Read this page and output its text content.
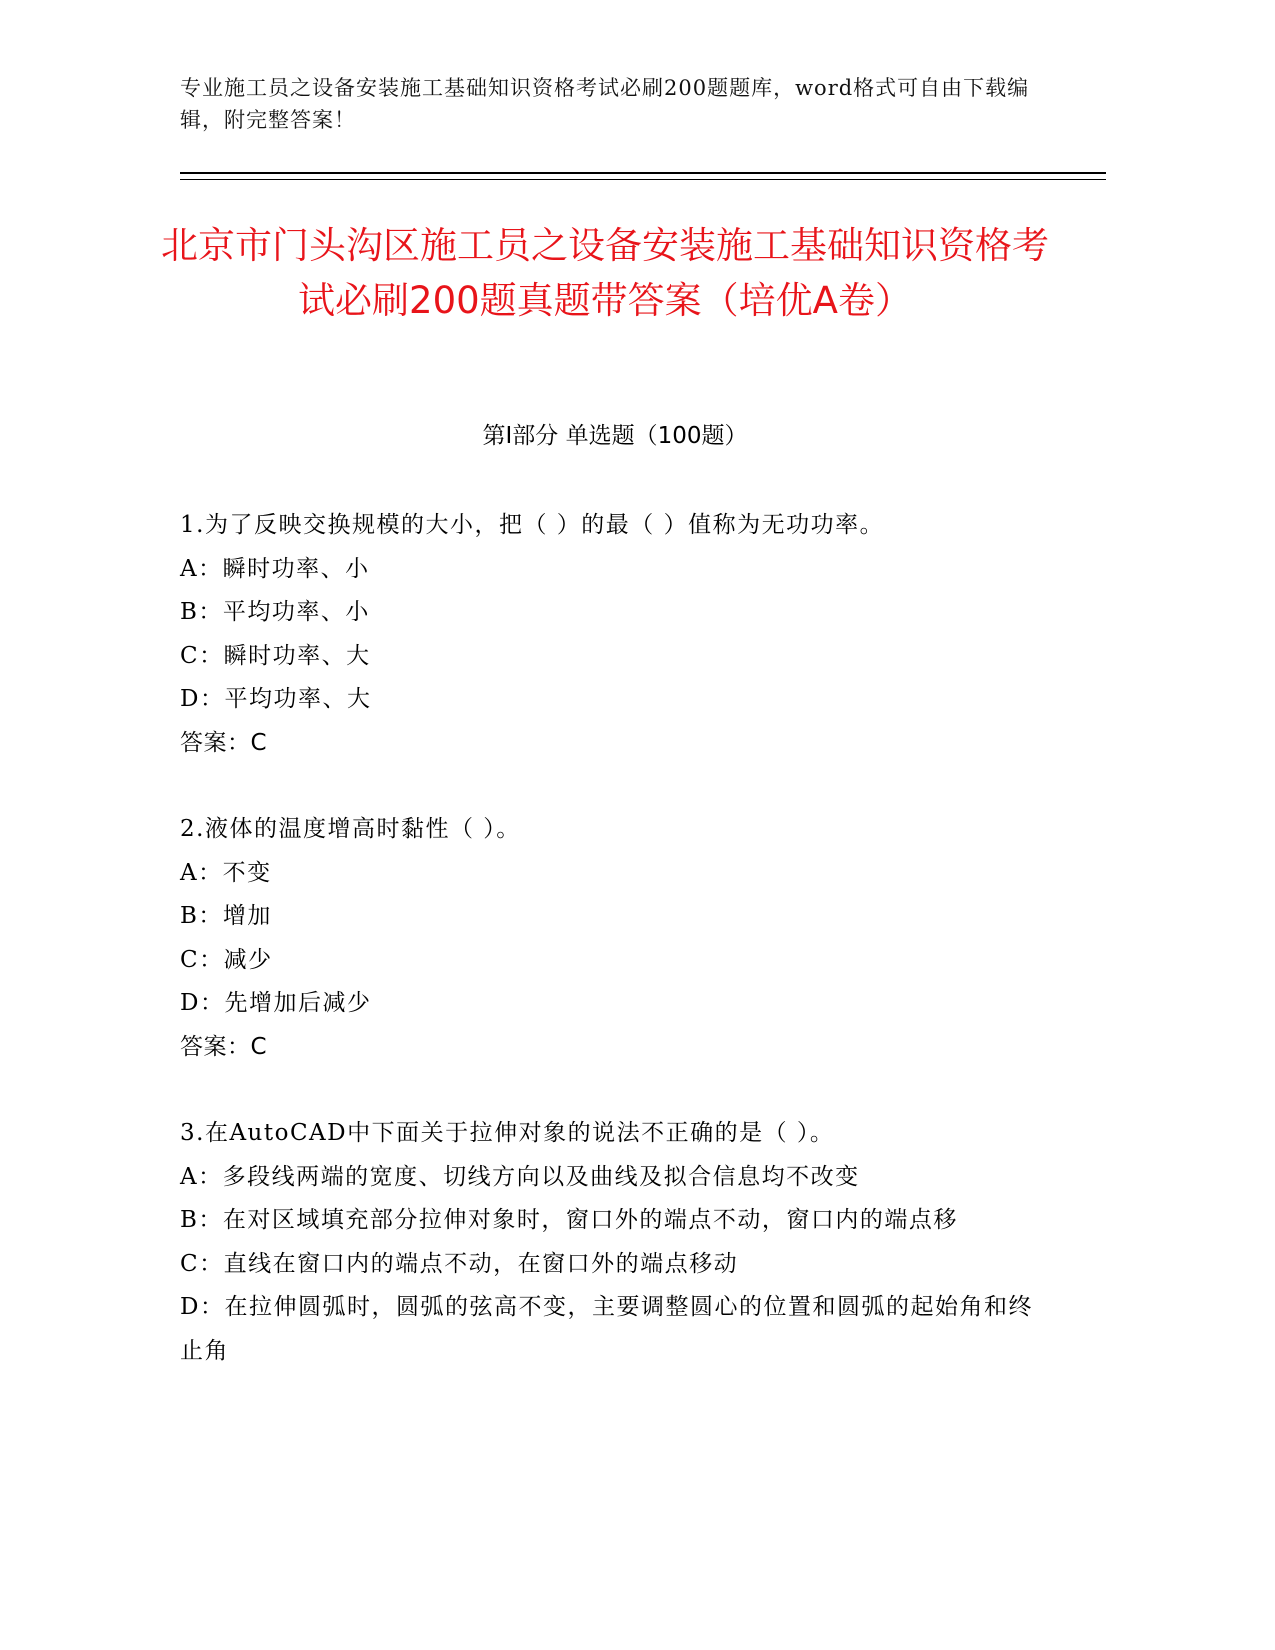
专业施工员之设备安装施工基础知识资格考试必刷200题题库，word格式可自由下载编辑，附完整答案！
北京市门头沟区施工员之设备安装施工基础知识资格考试必刷200题真题带答案（培优A卷）
第Ⅰ部分 单选题（100题）

1.为了反映交换规模的大小，把（ ）的最（ ）值称为无功功率。

A：瞬时功率、小

B：平均功率、小

C：瞬时功率、大

D：平均功率、大

答案：C

2.液体的温度增高时黏性（ ）。

A：不变

B：增加

C：减少

D：先增加后减少

答案：C

3.在AutoCAD中下面关于拉伸对象的说法不正确的是（ ）。

A：多段线两端的宽度、切线方向以及曲线及拟合信息均不改变

B：在对区域填充部分拉伸对象时，窗口外的端点不动，窗口内的端点移

C：直线在窗口内的端点不动，在窗口外的端点移动

D：在拉伸圆弧时，圆弧的弦高不变，主要调整圆心的位置和圆弧的起始角和终止角
